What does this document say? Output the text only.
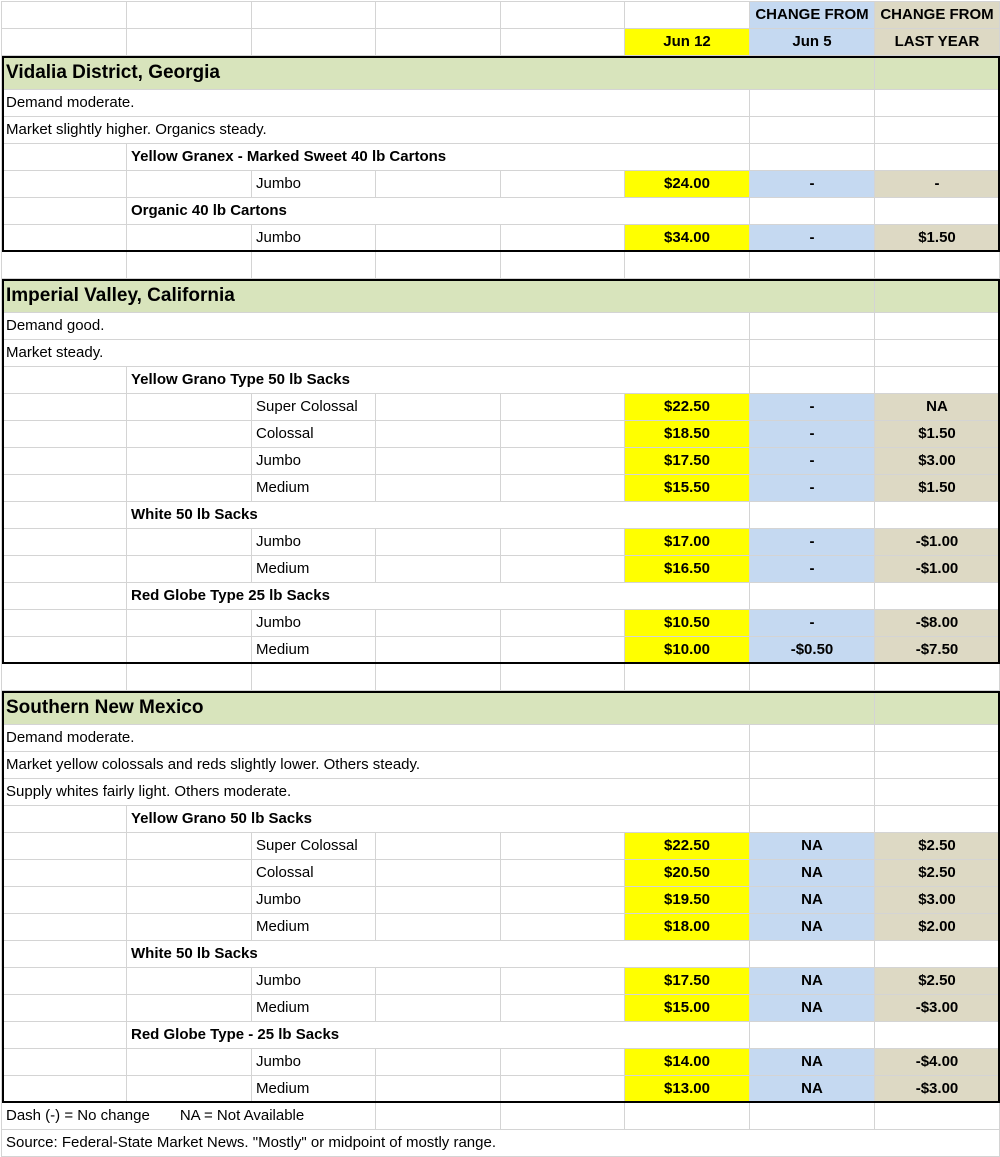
						CHANGE FROM	CHANGE FROM
					Jun 12	Jun 5	LAST YEAR
Vidalia District, Georgia							
Demand moderate.							
Market slightly higher. Organics steady.							
	Yellow Granex - Marked Sweet 40 lb Cartons						
		Jumbo			$24.00	-	-
	Organic 40 lb Cartons						
		Jumbo			$34.00	-	$1.50

Imperial Valley, California							
Demand good.							
Market steady.							
	Yellow Grano Type 50 lb Sacks						
		Super Colossal			$22.50	-	NA
		Colossal			$18.50	-	$1.50
		Jumbo			$17.50	-	$3.00
		Medium			$15.50	-	$1.50
	White 50 lb Sacks						
		Jumbo			$17.00	-	-$1.00
		Medium			$16.50	-	-$1.00
	Red Globe Type 25 lb Sacks						
		Jumbo			$10.50	-	-$8.00
		Medium			$10.00	-$0.50	-$7.50

Southern New Mexico							
Demand moderate.							
Market yellow colossals and reds slightly lower. Others steady.							
Supply whites fairly light. Others moderate.							
	Yellow Grano 50 lb Sacks						
		Super Colossal			$22.50	NA	$2.50
		Colossal			$20.50	NA	$2.50
		Jumbo			$19.50	NA	$3.00
		Medium			$18.00	NA	$2.00
	White 50 lb Sacks						
		Jumbo			$17.50	NA	$2.50
		Medium			$15.00	NA	-$3.00
	Red Globe Type - 25 lb Sacks						
		Jumbo			$14.00	NA	-$4.00
		Medium			$13.00	NA	-$3.00
Dash (-) = No change NA = Not Available							
Source: Federal-State Market News. "Mostly" or midpoint of mostly range.							
